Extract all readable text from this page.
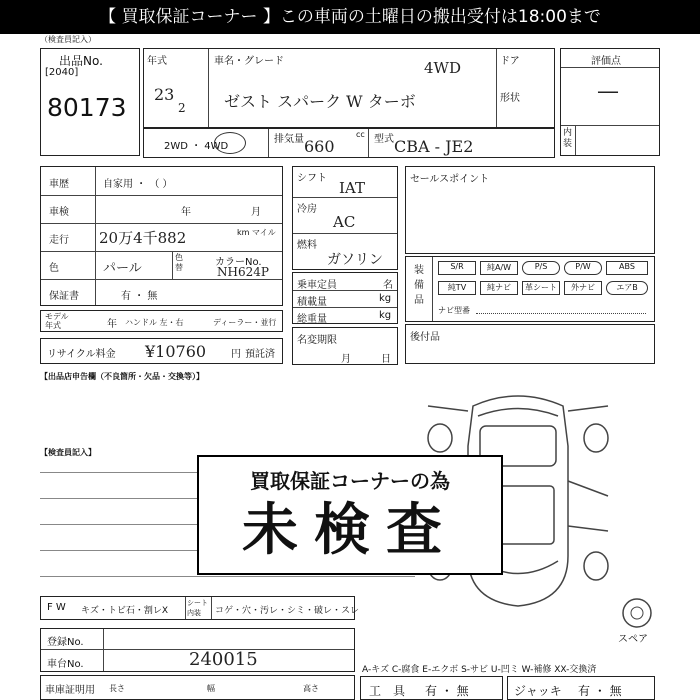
【 買取保証コーナー 】この車両の土曜日の搬出受付は18:00まで
（検査員記入）
出品No.
[2040]
80173
年式
23
2
車名・グレード	4WD
ゼスト スパーク W ターボ
ドア
形状
2WD ・ 4WD
排気量	cc
660	型式 CBA - JE2
評価点
—
内装
車歴	自家用 ・ （ ）
車検	年	月
走行 20万4千882	km マイル
色	パール
色替	カラーNo.
NH624P
保証書	有 ・ 無
モデル年式	年 ハンドル 左・右	ディーラー・並行
リサイクル料金 ¥10760 円 預託済
シフト
IAT
冷房
AC
燃料
ガソリン
乗車定員	名
積載量	kg
総重量	kg
名変期限
月	日
セールスポイント
装備品
S/R	純A/W	P/S	P/W	ABS
純TV	純ナビ	革シート	外ナビ	エアB
ナビ型番
後付品
【出品店申告欄（不良箇所・欠品・交換等）】
【検査員記入】
スペア
買取保証コーナーの為
未検査
F W キズ・トビ石・割レX
シート内装	コゲ・穴・汚レ・シミ・破レ・スレ
登録No.
車台No.	240015
車庫証明用 長さ	幅	高さ
A-キズ C-腐食 E-エクボ S-サビ U-凹ミ W-補修 XX-交換済
工　具 有 ・ 無	ジャッキ 有 ・ 無
